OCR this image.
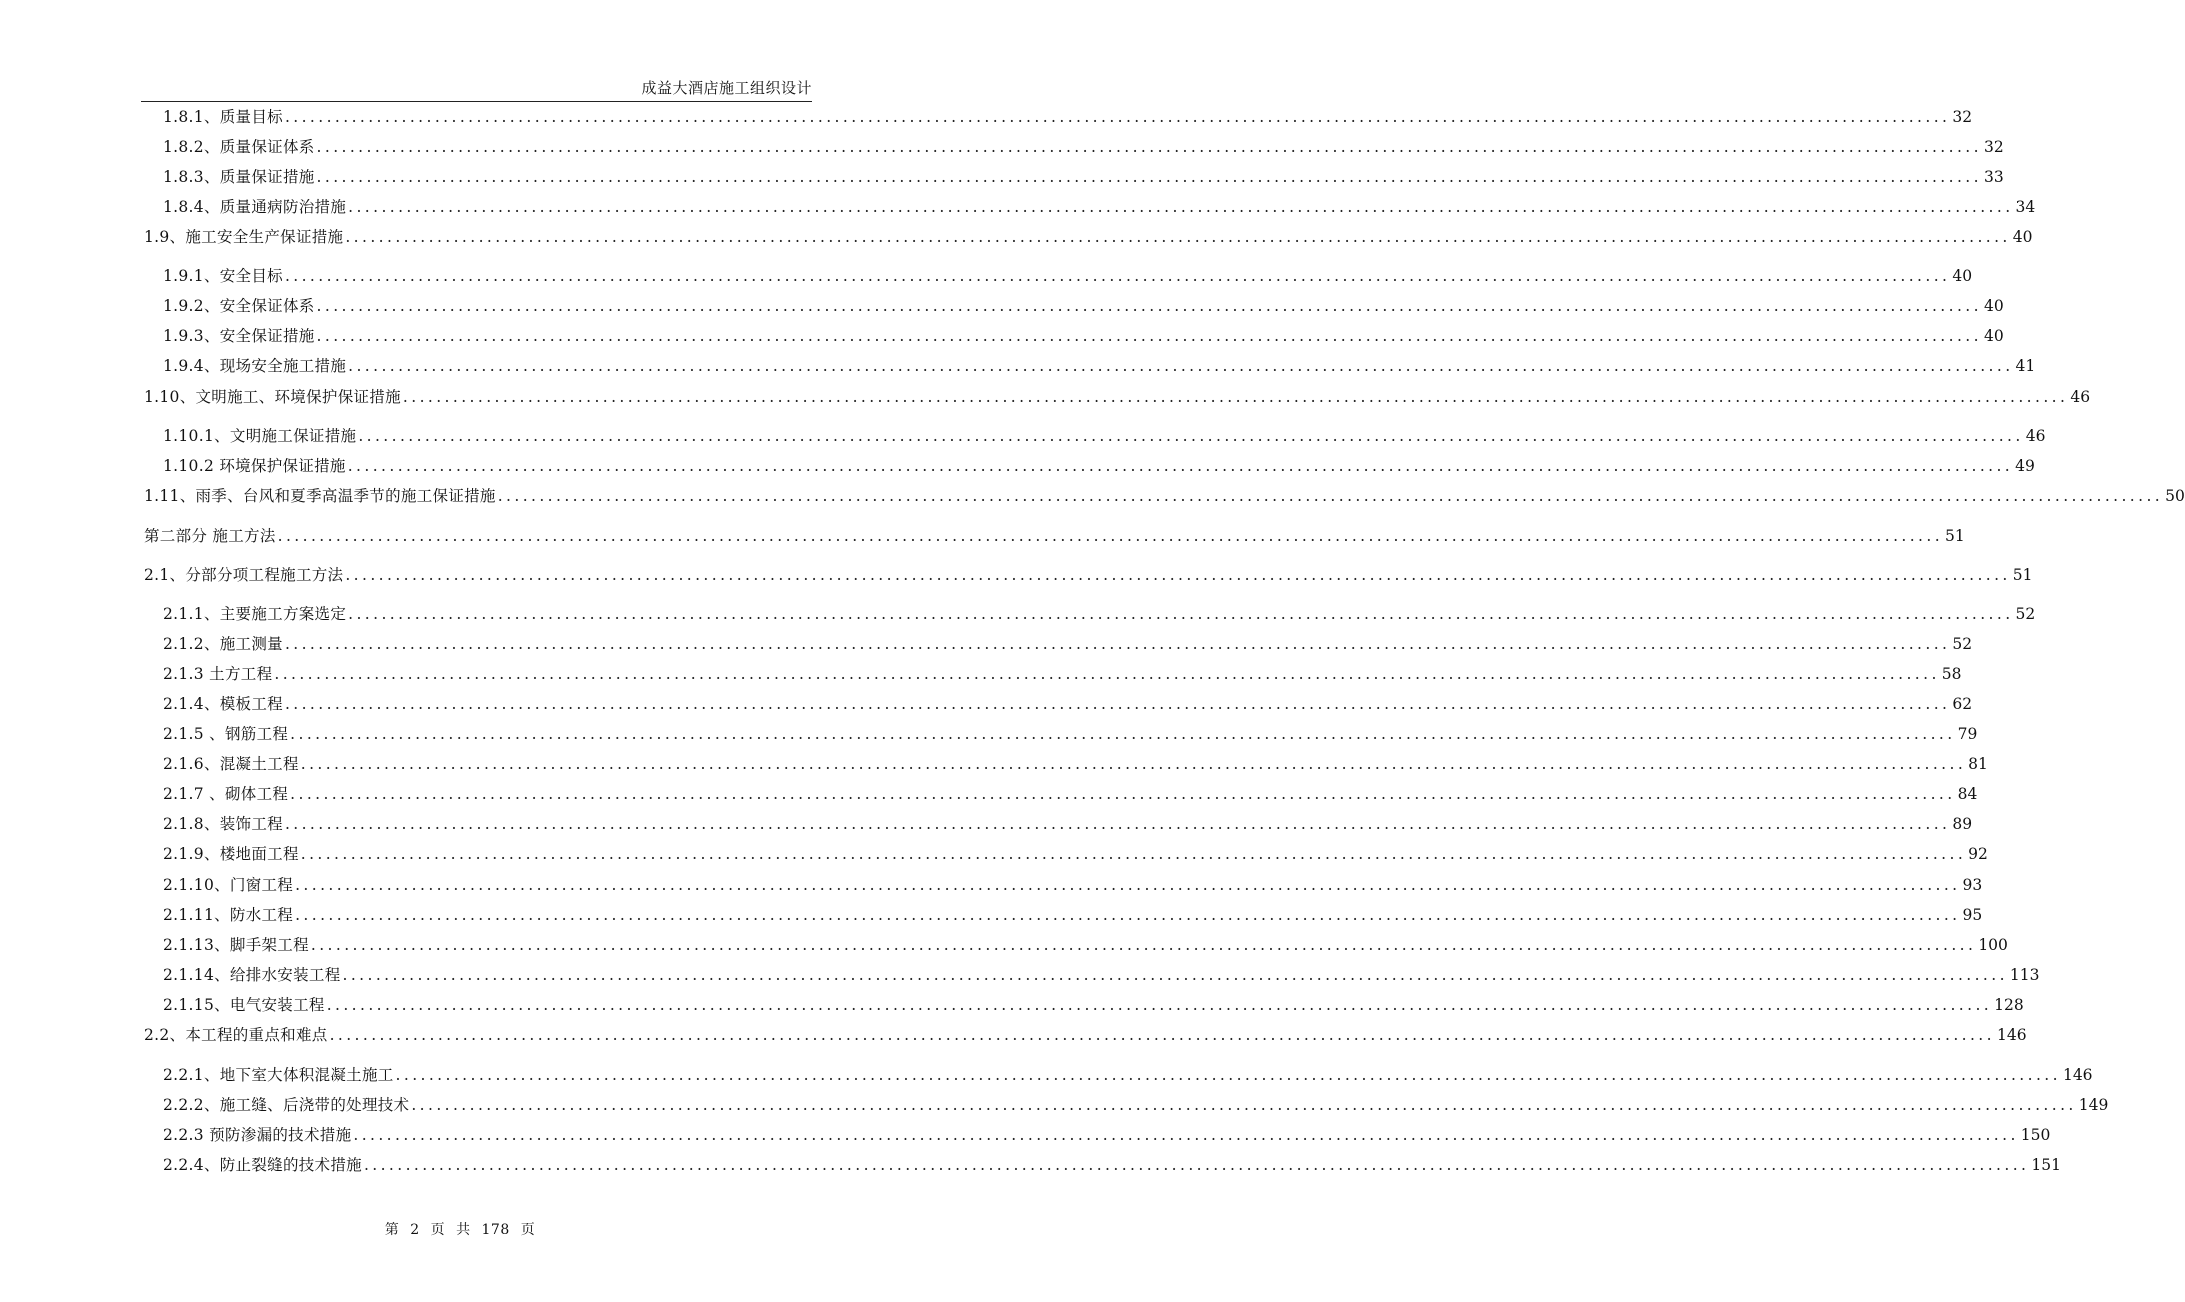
成益大酒店施工组织设计
1.8.1、质量目标 ........................................................................................................................................................................................................ 32
1.8.2、质量保证体系 ........................................................................................................................................................................................................ 32
1.8.3、质量保证措施 ........................................................................................................................................................................................................ 33
1.8.4、质量通病防治措施 ........................................................................................................................................................................................................ 34
1.9、施工安全生产保证措施 ........................................................................................................................................................................................................ 40
1.9.1、安全目标 ........................................................................................................................................................................................................ 40
1.9.2、安全保证体系 ........................................................................................................................................................................................................ 40
1.9.3、安全保证措施 ........................................................................................................................................................................................................ 40
1.9.4、现场安全施工措施 ........................................................................................................................................................................................................ 41
1.10、文明施工、环境保护保证措施 ........................................................................................................................................................................................................ 46
1.10.1、文明施工保证措施 ........................................................................................................................................................................................................ 46
1.10.2 环境保护保证措施 ........................................................................................................................................................................................................ 49
1.11、雨季、台风和夏季高温季节的施工保证措施 ........................................................................................................................................................................................................ 50
第二部分 施工方法 ........................................................................................................................................................................................................ 51
2.1、分部分项工程施工方法 ........................................................................................................................................................................................................ 51
2.1.1、主要施工方案选定 ........................................................................................................................................................................................................ 52
2.1.2、施工测量 ........................................................................................................................................................................................................ 52
2.1.3 土方工程 ........................................................................................................................................................................................................ 58
2.1.4、模板工程 ........................................................................................................................................................................................................ 62
2.1.5 、钢筋工程 ........................................................................................................................................................................................................ 79
2.1.6、混凝土工程 ........................................................................................................................................................................................................ 81
2.1.7 、砌体工程 ........................................................................................................................................................................................................ 84
2.1.8、装饰工程 ........................................................................................................................................................................................................ 89
2.1.9、楼地面工程 ........................................................................................................................................................................................................ 92
2.1.10、门窗工程 ........................................................................................................................................................................................................ 93
2.1.11、防水工程 ........................................................................................................................................................................................................ 95
2.1.13、脚手架工程 ........................................................................................................................................................................................................ 100
2.1.14、给排水安装工程 ........................................................................................................................................................................................................ 113
2.1.15、电气安装工程 ........................................................................................................................................................................................................ 128
2.2、本工程的重点和难点 ........................................................................................................................................................................................................ 146
2.2.1、地下室大体积混凝土施工 ........................................................................................................................................................................................................ 146
2.2.2、施工缝、后浇带的处理技术 ........................................................................................................................................................................................................ 149
2.2.3 预防渗漏的技术措施 ........................................................................................................................................................................................................ 150
2.2.4、防止裂缝的技术措施 ........................................................................................................................................................................................................ 151
第 2 页 共 178 页
